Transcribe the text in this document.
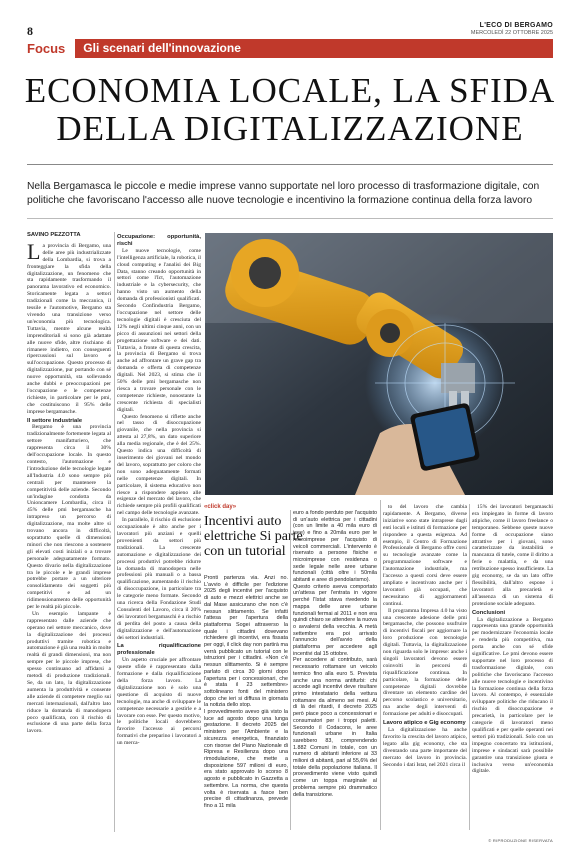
8	L'ECO DI BERGAMO
MERCOLEDÌ 22 OTTOBRE 2025
Focus	Gli scenari dell'innovazione
ECONOMIA LOCALE, LA SFIDA
DELLA DIGITALIZZAZIONE
Nella Bergamasca le piccole e medie imprese vanno supportate nel loro processo di trasformazione digitale, con politiche che favoriscano l'accesso alle nuove tecnologie e incentivino la formazione continua della forza lavoro
SAVINO PEZZOTTA
L a provincia di Bergamo, una delle aree più industrializzate della Lombardia, si trova a fronteggiare la sfida della digitalizzazione, un fenomeno che sta rapidamente trasformando il panorama lavorativo ed economico. Storicamente legata a settori tradizionali come la meccanica, il tessile e l'automotive, Bergamo sta vivendo una transizione verso un'economia più tecnologica. Tuttavia, mentre alcune realtà imprenditoriali si sono già adattate alle nuove sfide, altre rischiano di rimanere indietro, con conseguenti ripercussioni sul lavoro e sull'occupazione. Questo processo di digitalizzazione, pur portando con sé nuove opportunità, sta sollevando anche dubbi e preoccupazioni per l'occupazione e le competenze richieste, in particolare per le pmi, che costituiscono il 95% delle imprese bergamasche.

Il settore industriale

Bergamo è una provincia tradizionalmente fortemente legata al settore manifatturiero, che rappresenta circa il 30% dell'occupazione locale. In questo contesto, l'automazione e l'introduzione delle tecnologie legate all'Industria 4.0 sono sempre più centrali per mantenere la competitività delle aziende. Secondo un'indagine condotta da Unioncamere Lombardia, circa il 45% delle pmi bergamasche ha intrapreso un percorso di digitalizzazione, ma molte altre si trovano ancora in difficoltà, soprattutto quelle di dimensioni minori che non riescono a sostenere gli elevati costi iniziali o a trovare personale adeguatamente formato. Questo divario nella digitalizzazione tra le piccole e le grandi imprese potrebbe portare a un ulteriore consolidamento dei soggetti più competitivi e ad un ridimensionamento delle opportunità per le realtà più piccole.

Un esempio lampante è rappresentato dalle aziende che operano nel settore meccanico, dove la digitalizzazione dei processi produttivi tramite robotica e automazione è già una realtà in molte realtà di grandi dimensioni, ma non sempre per le piccole imprese, che spesso continuano ad affidarsi a metodi di produzione tradizionali. Se, da un lato, la digitalizzazione aumenta la produttività e consente alle aziende di competere meglio sui mercati internazionali, dall'altro lato riduce la domanda di manodopera poco qualificata, con il rischio di esclusione di una parte della forza lavoro.

Occupazione: opportunità, rischi

Le nuove tecnologie, come l'intelligenza artificiale, la robotica, il cloud computing e l'analisi dei Big Data, stanno creando opportunità in settori come l'Ict, l'automazione industriale e la cybersecurity, che hanno visto un aumento della domanda di professionisti qualificati. Secondo Confindustria Bergamo, l'occupazione nel settore delle tecnologie digitali è cresciuta del 12% negli ultimi cinque anni, con un picco di assunzioni nei settori della progettazione software e dei dati. Tuttavia, a fronte di questa crescita, la provincia di Bergamo si trova anche ad affrontare un grave gap tra domanda e offerta di competenze digitali. Nel 2023, si stima che il 50% delle pmi bergamasche non riesca a trovare personale con le competenze richieste, nonostante la crescente richiesta di specialisti digitali.

Questo fenomeno si riflette anche nel tasso di disoccupazione giovanile, che nella provincia si attesta al 27,8%, un dato superiore alla media regionale, che è del 25%. Questo indica una difficoltà di inserimento dei giovani nel mondo del lavoro, soprattutto per coloro che non sono adeguatamente formati nelle competenze digitali. In particolare, il sistema educativo non riesce a rispondere appieno alle esigenze del mercato del lavoro, che richiede sempre più profili qualificati nel campo delle tecnologie avanzate.

In parallelo, il rischio di esclusione occupazionale è alto anche per i lavoratori più anziani e quelli provenienti da settori più tradizionali. La crescente automazione e digitalizzazione dei processi produttivi potrebbe ridurre la domanda di manodopera nelle professioni più manuali o a bassa qualificazione, aumentando il rischio di disoccupazione, in particolare tra le categorie meno formate. Secondo una ricerca della Fondazione Studi Consulenti del Lavoro, circa il 20% dei lavoratori bergamaschi è a rischio di perdita del posto a causa della digitalizzazione e dell'automazione dei settori industriali.

La riqualificazione professionale

Un aspetto cruciale per affrontare queste sfide è rappresentato dalla formazione e dalla riqualificazione della forza lavoro. La digitalizzazione non è solo una questione di acquisto di nuove tecnologie, ma anche di sviluppare le competenze necessarie a gestirle e a lavorare con esse. Per questo motivo, le politiche locali dovrebbero favorire l'accesso ai percorsi formativi che preparino i lavoratori a un merca-

«click day»
Incentivi auto elettriche Si parte con un tutorial

Pronti partenza via. Anzi no. L'avvio è difficile per l'edizione 2025 degli incentivi per l'acquisto di auto e mezzi elettrici anche se dal Mase assicurano che non c'è nessun slittamento. Se infatti l'attesa per l'apertura della piattaforma Sogei attraverso la quale i cittadini dovevano richiedere gli incentivi, era fissata per oggi, il click day non partirà ma verrà pubblicato un tutorial con le istruzioni per i cittadini. «Non c'è nessun slittamento. Si è sempre parlato di circa 30 giorni dopo l'apertura per i concessionari, che è stata il 23 settembre» sottolineano fonti del ministero dopo che ieri si diffusa in giornata la notizia dello stop.

I provvedimento avevo già visto la luce ad agosto dopo una lunga gestazione. Il decreto 2025 del ministero per l'Ambiente e la sicurezza energetica, finanziato con risorse del Piano Nazionale di Ripresa e Resilienza dopo una rimodulazione, che mette a disposizione 597 milioni di euro, era stato approvato lo scorso 8 agosto e pubblicato in Gazzetta a settembre. La norma, che questa volta è riservata a fasce ben precise di cittadinanza, prevede fino a 11 mila

euro a fondo perduto per l'acquisto di un'auto elettrica per i cittadini (con un limite a 40 mila euro di isee) e fino a 20mila euro per le microimprese per l'acquisto di veicoli commerciali. L'intervento è riservato a persone fisiche e microimprese con residenza o sede legale nelle aree urbane funzionali (città oltre i 50mila abitanti e aree di pendolarismo).

Questo criterio aveva comportato un'attesa per l'entrata in vigore perché l'Istat stava rivedendo la mappa delle aree urbane funzionali fermai al 2011 e non era quindi chiaro se attendere la nuova o avvalersi della vecchia. A metà settembre era poi arrivato l'annuncio dell'avvio della piattaforma per accedere agli incentivi dal 15 ottobre.

Per accedere al contributo, sarà necessario rottamare un veicolo termico fino alla euro 5. Prevista anche una norma antifurbi: chi accede agli incentivi deve risultare primo intestatario della vettura rottamare da almeno sei mesi. Al di là dei ritardi, il decreto 2025 però piace poco a concessionari e consumatori per i troppi paletti. Secondo il Codacons, le aree funzionali urbane in Italia sarebbero 83, comprendendo 1.882 Comuni in totale, con un numero di abitanti inferiore ai 33 milioni di abitanti, pari al 55,6% del totale della popolazione italiana. Il provvedimento viene visto quindi come un toppa marginale al problema sempre più drammatico della transizione.

to del lavoro che cambia rapidamente. A Bergamo, diverse iniziative sono state intraprese dagli enti locali e istituti di formazione per rispondere a questa esigenza. Ad esempio, il Centro di Formazione Professionale di Bergamo offre corsi su tecnologie avanzate come la programmazione software e l'automazione industriale, ma l'accesso a questi corsi deve essere ampliato e incentivato anche per i lavoratori già occupati, che necessitano di aggiornamenti continui.

Il programma Impresa 4.0 ha visto una crescente adesione delle pmi bergamasche, che possono usufruire di incentivi fiscali per aggiornare la loro produzione con tecnologie digitali. Tuttavia, la digitalizzazione non riguarda solo le imprese: anche i singoli lavoratori devono essere coinvolti in percorsi di riqualificazione continua. In particolare, la formazione delle competenze digitali dovrebbe diventare un elemento cardine del percorso scolastico e universitario, ma anche degli interventi di formazione per adulti e disoccupati.

Lavoro atipico e Gig economy

La digitalizzazione ha anche favorito la crescita del lavoro atipico, legato alla gig economy, che sta diventando una parte importante del mercato del lavoro in provincia. Secondo i dati Istat, nel 2021 circa il

15% dei lavoratori bergamaschi era impiegato in forme di lavoro atipiche, come il lavoro freelance o temporaneo. Sebbene queste nuove forme di occupazione siano attrattive per i giovani, sono caratterizzate da instabilità e mancanza di tutele, come il diritto a ferie o malattia, e da una retribuzione spesso insufficiente. La gig economy, se da un lato offre flessibilità, dall'altro espone i lavoratori alla precarietà e all'assenza di un sistema di protezione sociale adeguato.

Conclusioni

La digitalizzazione a Bergamo rappresenta una grande opportunità per modernizzare l'economia locale e renderla più competitiva, ma porta anche con sé sfide significative. Le pmi devono essere supportate nel loro processo di trasformazione digitale, con politiche che favoriscano l'accesso alle nuove tecnologie e incentivino la formazione continua della forza lavoro. Al contempo, è essenziale sviluppare politiche che riducano il rischio di disoccupazione e precarietà, in particolare per le categorie di lavoratori meno qualificati e per quelle operanti nei settori più tradizionali. Solo con un impegno concertato tra istituzioni, imprese e sindacati sarà possibile garantire una transizione giusta e inclusiva verso un'economia digitale.

© RIPRODUZIONE RISERVATA
